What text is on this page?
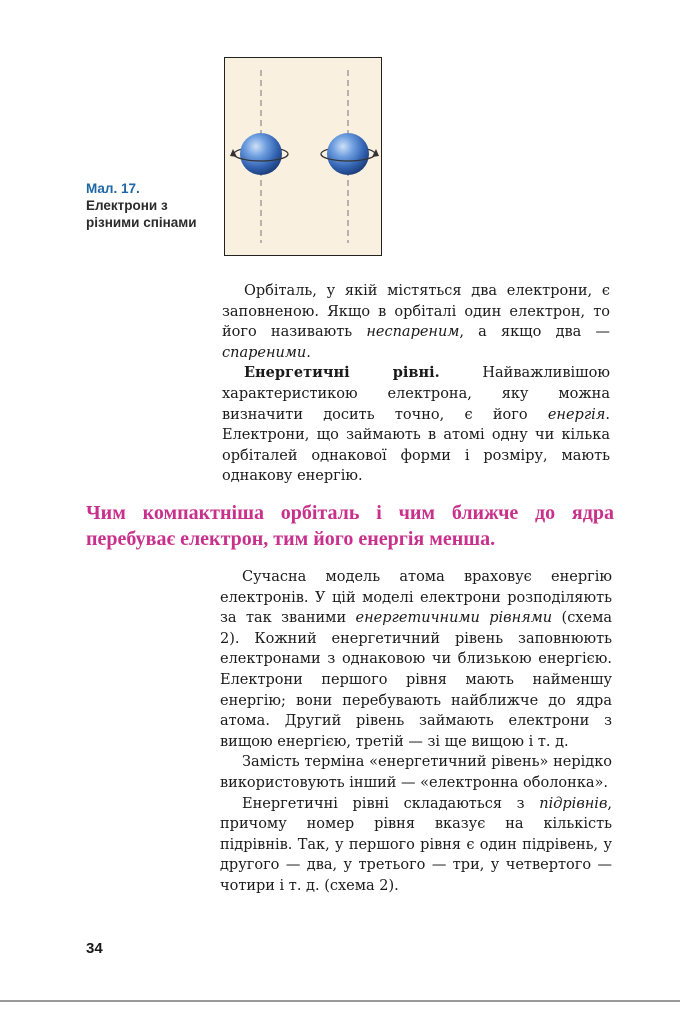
Мал. 17.
Електрони з різними спінами

Орбіталь, у якій містяться два електрони, є заповненою. Якщо в орбіталі один електрон, то його називають неспареним, а якщо два — спареними.

Енергетичні рівні. Найважливішою характеристикою електрона, яку можна визначити досить точно, є його енергія. Електрони, що займають в атомі одну чи кілька орбіталей однакової форми і розміру, мають однакову енергію.

Чим компактніша орбіталь і чим ближче до ядра перебуває електрон, тим його енергія менша.

Сучасна модель атома враховує енергію електронів. У цій моделі електрони розподіляють за так званими енергетичними рівнями (схема 2). Кожний енергетичний рівень заповнюють електронами з однаковою чи близькою енергією. Електрони першого рівня мають найменшу енергію; вони перебувають найближче до ядра атома. Другий рівень займають електрони з вищою енергією, третій — зі ще вищою і т. д.

Замість терміна «енергетичний рівень» нерідко використовують інший — «електронна оболонка».

Енергетичні рівні складаються з підрівнів, причому номер рівня вказує на кількість підрівнів. Так, у першого рівня є один підрівень, у другого — два, у третього — три, у четвертого — чотири і т. д. (схема 2).

34
